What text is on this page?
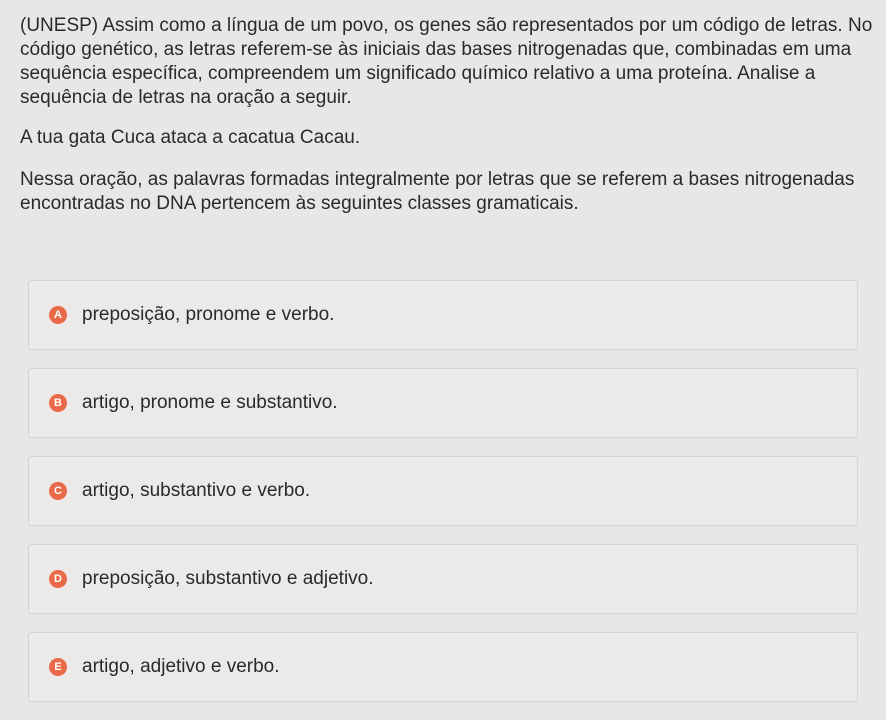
(UNESP) Assim como a língua de um povo, os genes são representados por um código de letras. No código genético, as letras referem-se às iniciais das bases nitrogenadas que, combinadas em uma sequência específica, compreendem um significado químico relativo a uma proteína. Analise a sequência de letras na oração a seguir.

A tua gata Cuca ataca a cacatua Cacau.

Nessa oração, as palavras formadas integralmente por letras que se referem a bases nitrogenadas encontradas no DNA pertencem às seguintes classes gramaticais.

A preposição, pronome e verbo.
B artigo, pronome e substantivo.
C artigo, substantivo e verbo.
D preposição, substantivo e adjetivo.
E artigo, adjetivo e verbo.
